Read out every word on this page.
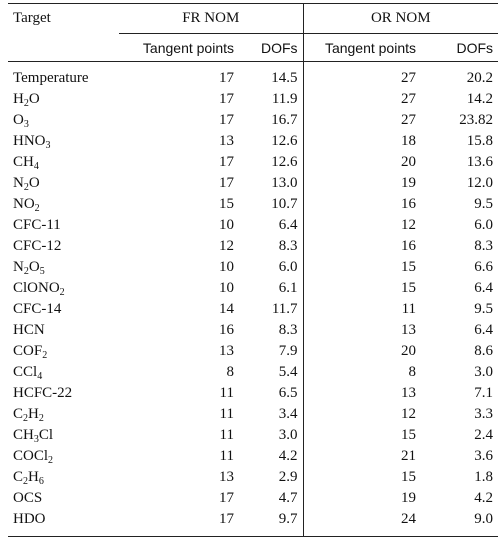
Target	FR NOM		OR NOM	
	Tangent points	DOFs	Tangent points	DOFs
Temperature	17	14.5	27	20.2
$H_2O$	17	11.9	27	14.2
$O_3$	17	16.7	27	23.82
$HNO_3$	13	12.6	18	15.8
$CH_4$	17	12.6	20	13.6
$N_2O$	17	13.0	19	12.0
$NO_2$	15	10.7	16	9.5
CFC-11	10	6.4	12	6.0
CFC-12	12	8.3	16	8.3
$N_2O_5$	10	6.0	15	6.6
ClONO$_2$	10	6.1	15	6.4
CFC-14	14	11.7	11	9.5
HCN	16	8.3	13	6.4
$COF_2$	13	7.9	20	8.6
CCl$_4$	8	5.4	8	3.0
HCFC-22	11	6.5	13	7.1
$C_2H_2$	11	3.4	12	3.3
$CH_3Cl$	11	3.0	15	2.4
COCl$_2$	11	4.2	21	3.6
$C_2H_6$	13	2.9	15	1.8
OCS	17	4.7	19	4.2
HDO	17	9.7	24	9.0
